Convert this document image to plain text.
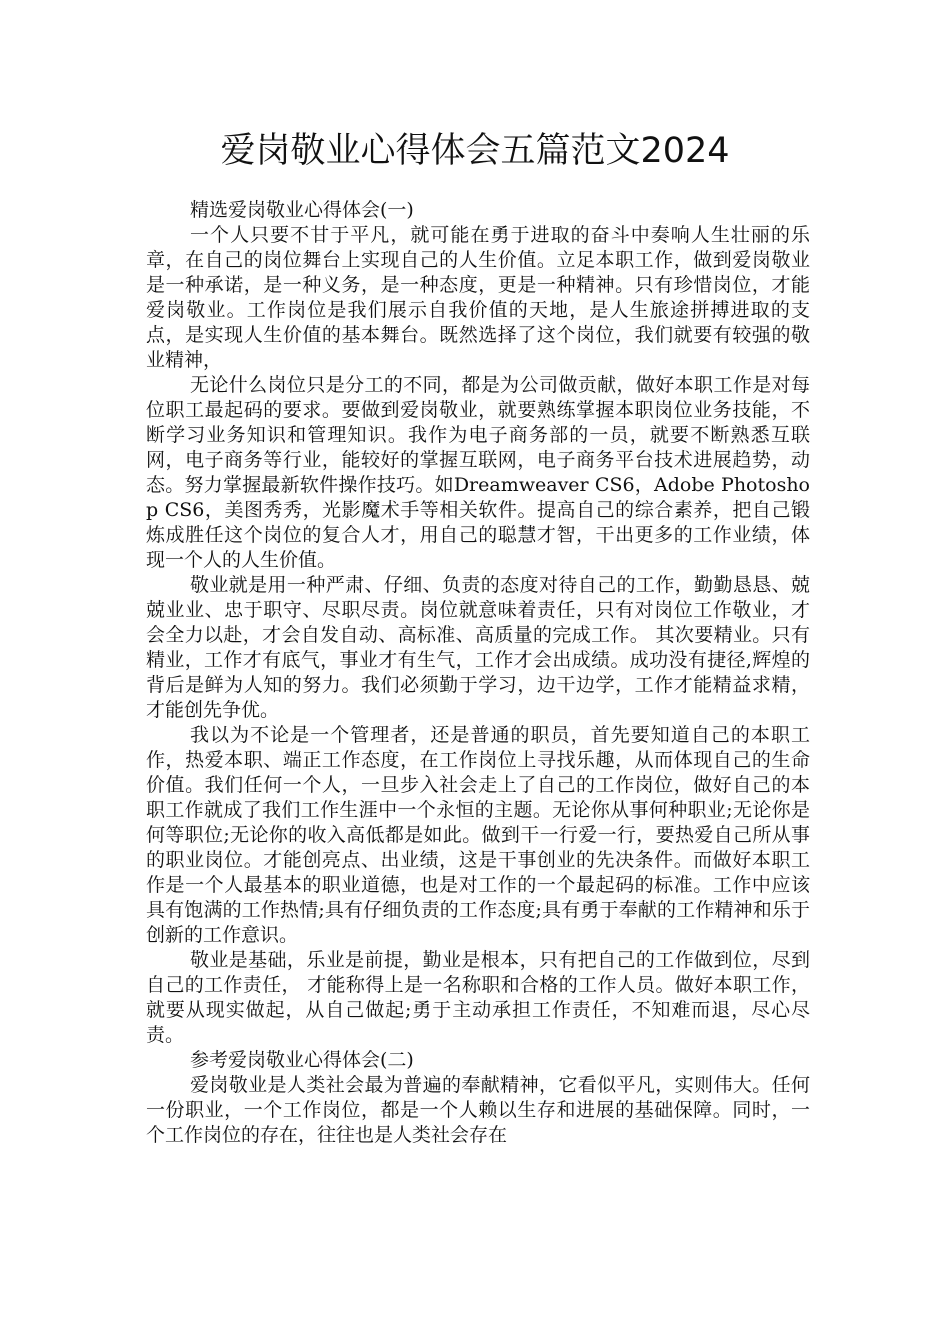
爱岗敬业心得体会五篇范文2024

精选爱岗敬业心得体会(一)

一个人只要不甘于平凡，就可能在勇于进取的奋斗中奏响人生壮丽的乐章，在自己的岗位舞台上实现自己的人生价值。立足本职工作，做到爱岗敬业是一种承诺，是一种义务，是一种态度，更是一种精神。只有珍惜岗位，才能爱岗敬业。工作岗位是我们展示自我价值的天地，是人生旅途拼搏进取的支点，是实现人生价值的基本舞台。既然选择了这个岗位，我们就要有较强的敬业精神，

无论什么岗位只是分工的不同，都是为公司做贡献，做好本职工作是对每位职工最起码的要求。要做到爱岗敬业，就要熟练掌握本职岗位业务技能，不断学习业务知识和管理知识。我作为电子商务部的一员，就要不断熟悉互联网，电子商务等行业，能较好的掌握互联网，电子商务平台技术进展趋势，动态。努力掌握最新软件操作技巧。如Dreamweaver CS6，Adobe Photoshop CS6，美图秀秀，光影魔术手等相关软件。提高自己的综合素养，把自己锻炼成胜任这个岗位的复合人才，用自己的聪慧才智，干出更多的工作业绩，体现一个人的人生价值。

敬业就是用一种严肃、仔细、负责的态度对待自己的工作，勤勤恳恳、兢兢业业、忠于职守、尽职尽责。岗位就意味着责任，只有对岗位工作敬业，才会全力以赴，才会自发自动、高标准、高质量的完成工作。 其次要精业。只有精业，工作才有底气，事业才有生气，工作才会出成绩。成功没有捷径,辉煌的背后是鲜为人知的努力。我们必须勤于学习，边干边学，工作才能精益求精，才能创先争优。

我以为不论是一个管理者，还是普通的职员，首先要知道自己的本职工作，热爱本职、端正工作态度，在工作岗位上寻找乐趣，从而体现自己的生命价值。我们任何一个人，一旦步入社会走上了自己的工作岗位，做好自己的本职工作就成了我们工作生涯中一个永恒的主题。无论你从事何种职业;无论你是何等职位;无论你的收入高低都是如此。做到干一行爱一行，要热爱自己所从事的职业岗位。才能创亮点、出业绩，这是干事创业的先决条件。而做好本职工作是一个人最基本的职业道德，也是对工作的一个最起码的标准。工作中应该具有饱满的工作热情;具有仔细负责的工作态度;具有勇于奉献的工作精神和乐于创新的工作意识。

敬业是基础，乐业是前提，勤业是根本，只有把自己的工作做到位，尽到自己的工作责任， 才能称得上是一名称职和合格的工作人员。做好本职工作，就要从现实做起，从自己做起;勇于主动承担工作责任，不知难而退，尽心尽责。

参考爱岗敬业心得体会(二)

爱岗敬业是人类社会最为普遍的奉献精神，它看似平凡，实则伟大。任何一份职业，一个工作岗位，都是一个人赖以生存和进展的基础保障。同时，一个工作岗位的存在，往往也是人类社会存在
